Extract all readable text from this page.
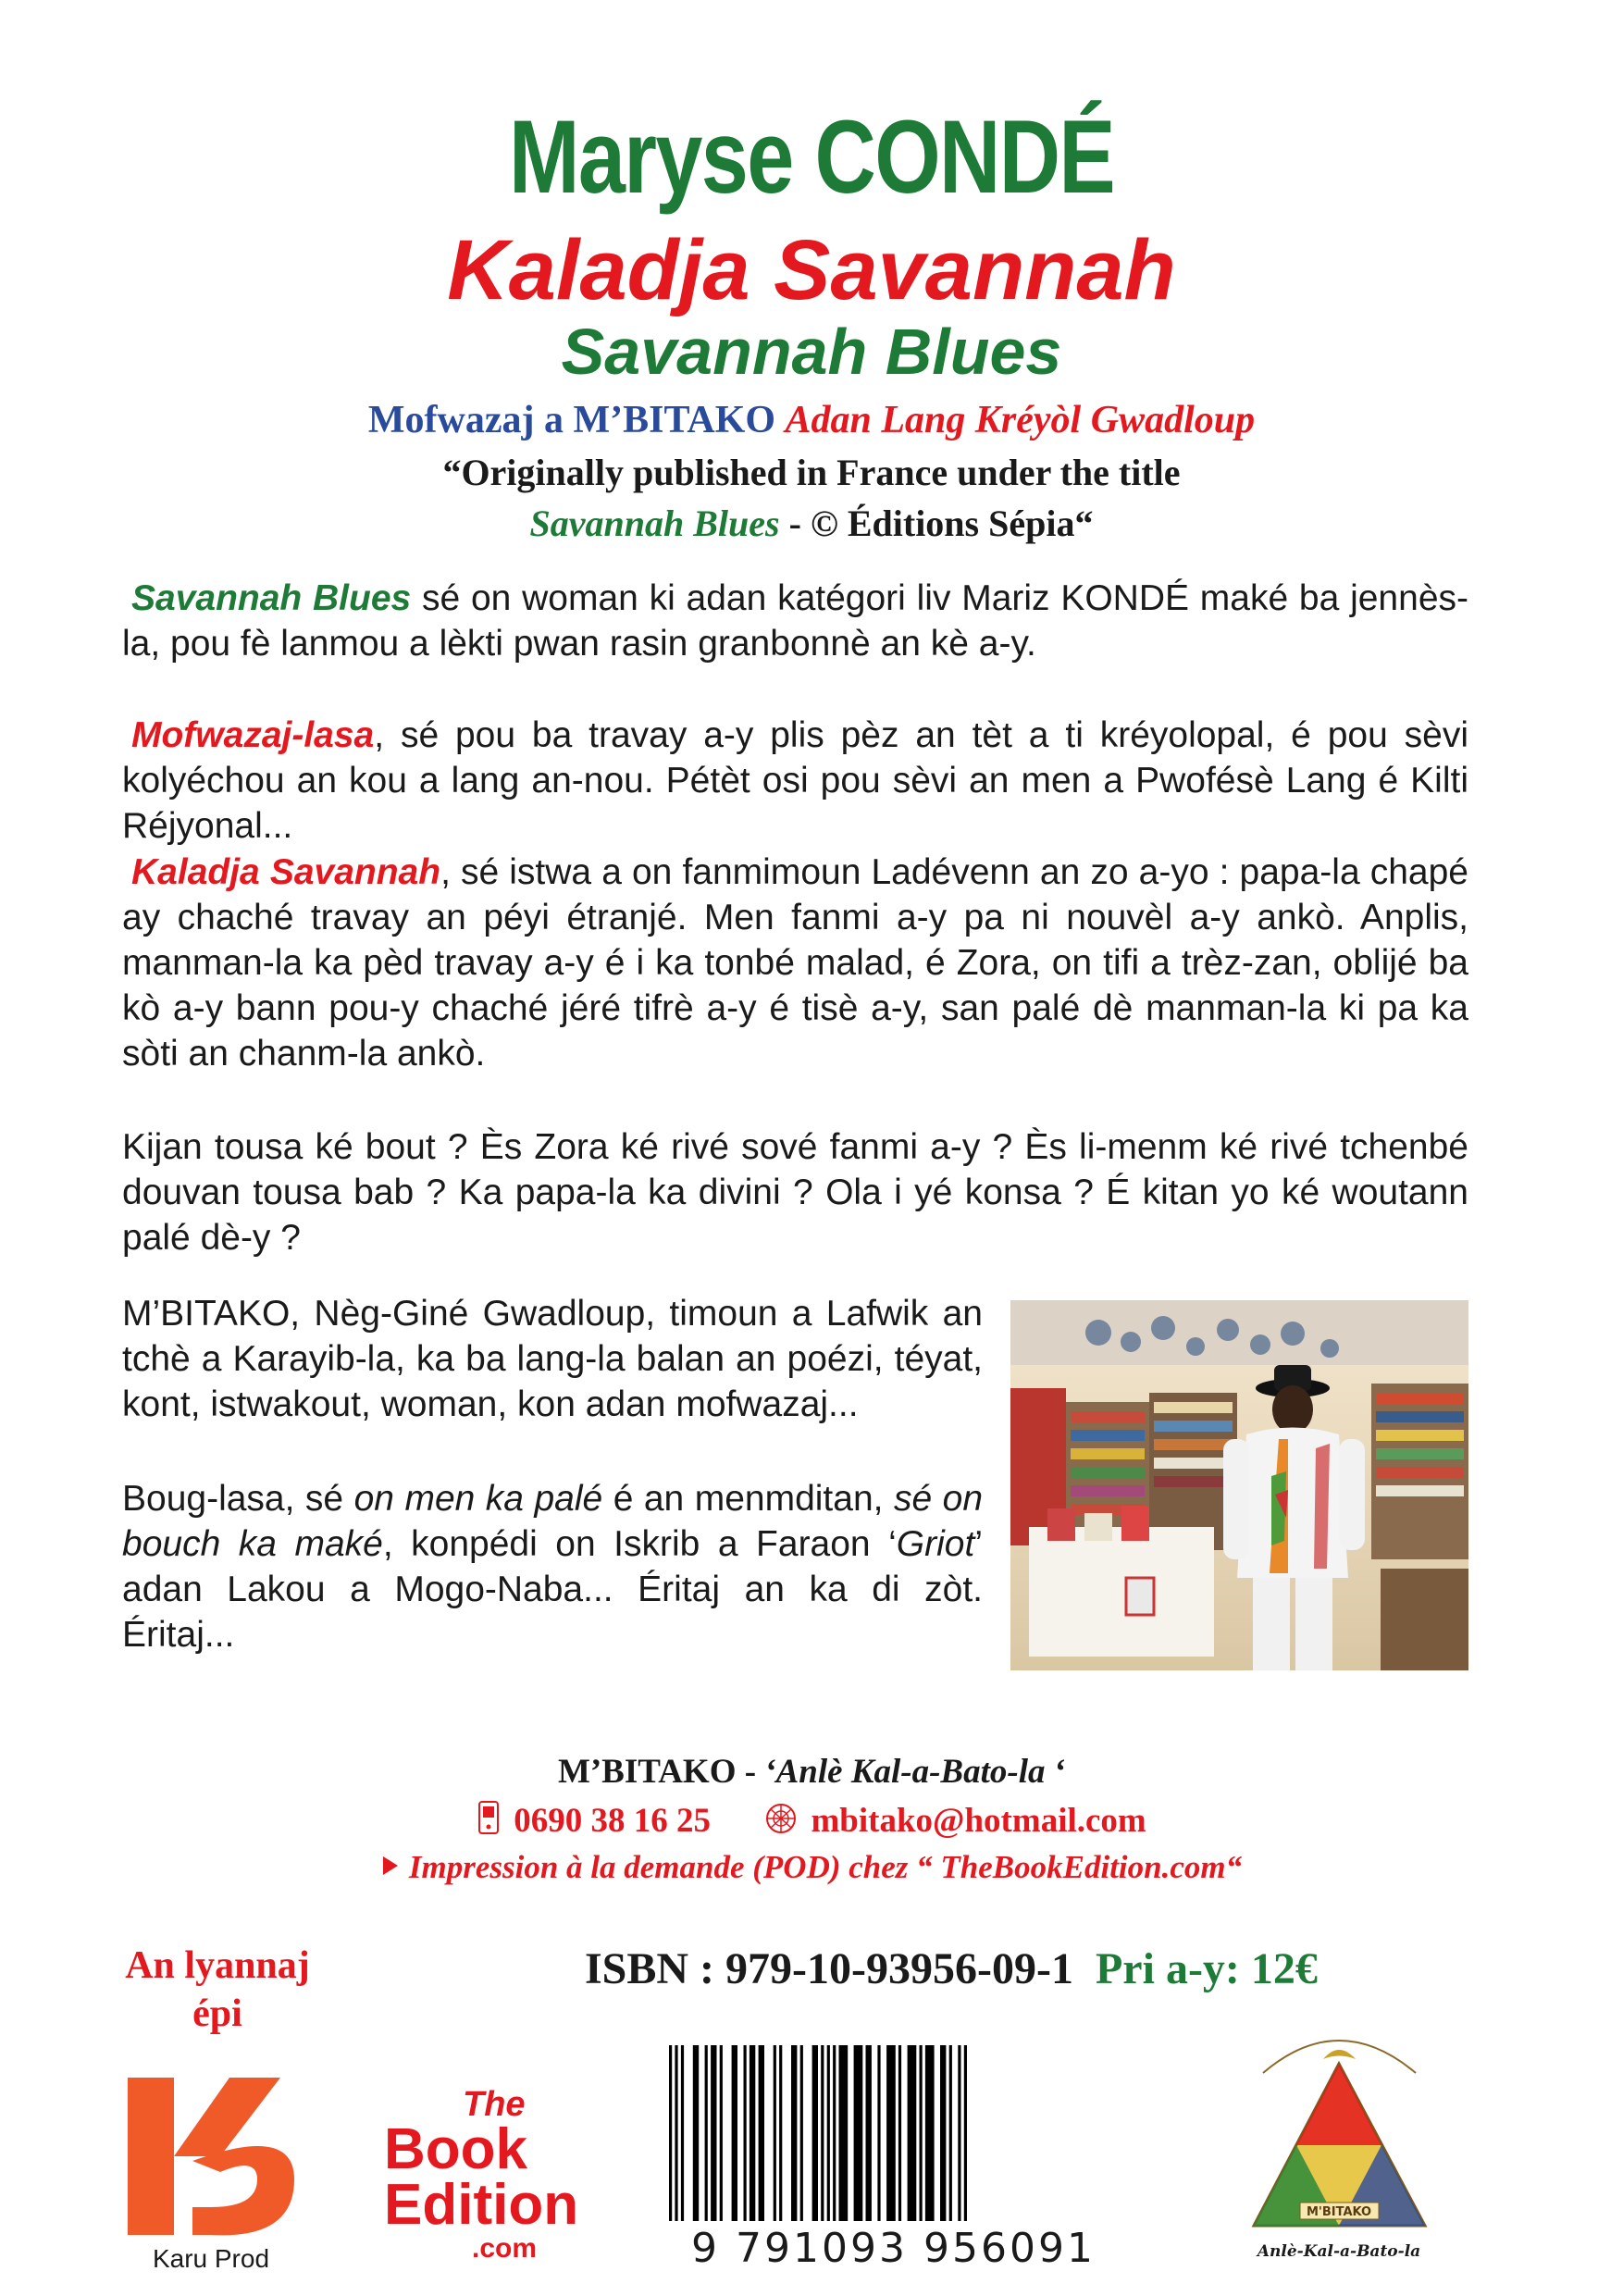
Maryse CONDÉ
Kaladja Savannah
Savannah Blues
Mofwazaj a M’BITAKO Adan Lang Kréyòl Gwadloup
“Originally published in France under the title
Savannah Blues - © Éditions Sépia“
Savannah Blues sé on woman ki adan katégori liv Mariz KONDÉ maké ba jennès-la, pou fè lanmou a lèkti pwan rasin granbonnè an kè a-y.
Mofwazaj-lasa, sé pou ba travay a-y plis pèz an tèt a ti kréyolopal, é pou sèvi kolyéchou an kou a lang an-nou. Pétèt osi pou sèvi an men a Pwofésè Lang é Kilti Réjyonal...
Kaladja Savannah, sé istwa a on fanmimoun Ladévenn an zo a-yo : papa-la chapé ay chaché travay an péyi étranjé. Men fanmi a-y pa ni nouvèl a-y ankò. Anplis, manman-la ka pèd travay a-y é i ka tonbé malad, é Zora, on tifi a trèz-zan, oblijé ba kò a-y bann pou-y chaché jéré tifrè a-y é tisè a-y, san palé dè manman-la ki pa ka sòti an chanm-la ankò.
Kijan tousa ké bout ? Ès Zora ké rivé sové fanmi a-y ? Ès li-menm ké rivé tchenbé douvan tousa bab ? Ka papa-la ka divini ? Ola i yé konsa ? É kitan yo ké woutann palé dè-y ?
M’BITAKO, Nèg-Giné Gwadloup, timoun a Lafwik an tchè a Karayib-la, ka ba lang-la balan an poézi, téyat, kont, istwakout, woman, kon adan mofwazaj...
Boug-lasa, sé on men ka palé é an menmditan, sé on bouch ka maké, konpédi on Iskrib a Faraon ‘Griot’ adan Lakou a Mogo-Naba... Éritaj an ka di zòt. Éritaj...
M’BITAKO - ‘Anlè Kal-a-Bato-la ‘
0690 38 16 25	mbitako@hotmail.com
Impression à la demande (POD) chez “ TheBookEdition.com“
An lyannaj
épi
ISBN : 979-10-93956-09-1 Pri a-y: 12€
Karu Prod
The
Book
Edition
.com	9 791093 956091
M'BITAKO
Anlè-Kal-a-Bato-la
